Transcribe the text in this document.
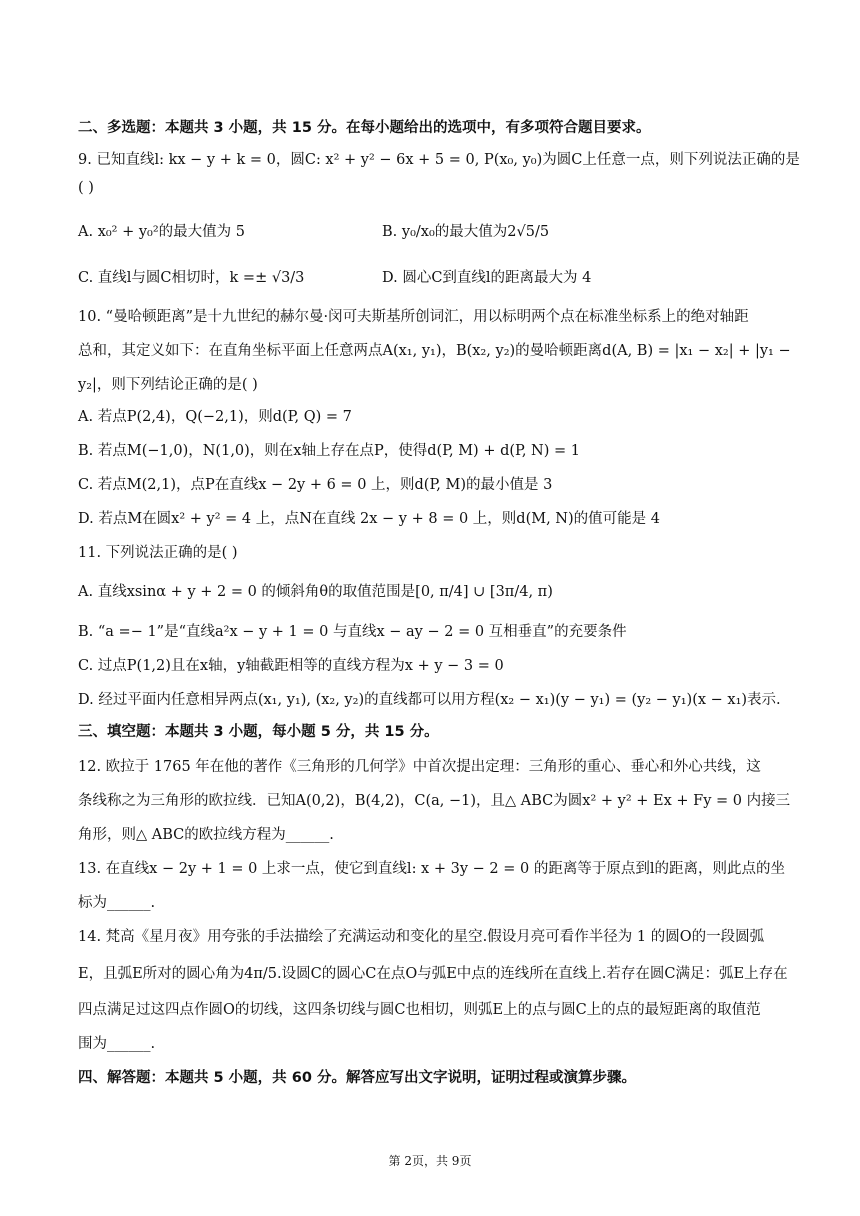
二、多选题：本题共 3 小题，共 15 分。在每小题给出的选项中，有多项符合题目要求。
9. 已知直线l: kx − y + k = 0，圆C: x² + y² − 6x + 5 = 0, P(x₀, y₀)为圆C上任意一点，则下列说法正确的是
( )
A. x₀² + y₀²的最大值为 5	B. y₀/x₀的最大值为2√5/5
C. 直线l与圆C相切时，k =± √3/3	D. 圆心C到直线l的距离最大为 4
10. “曼哈顿距离”是十九世纪的赫尔曼·闵可夫斯基所创词汇，用以标明两个点在标准坐标系上的绝对轴距
总和，其定义如下：在直角坐标平面上任意两点A(x₁, y₁)，B(x₂, y₂)的曼哈顿距离d(A, B) = |x₁ − x₂| + |y₁ −
y₂|，则下列结论正确的是( )
A. 若点P(2,4)，Q(−2,1)，则d(P, Q) = 7
B. 若点M(−1,0)，N(1,0)，则在x轴上存在点P，使得d(P, M) + d(P, N) = 1
C. 若点M(2,1)，点P在直线x − 2y + 6 = 0 上，则d(P, M)的最小值是 3
D. 若点M在圆x² + y² = 4 上，点N在直线 2x − y + 8 = 0 上，则d(M, N)的值可能是 4
11. 下列说法正确的是( )
A. 直线xsinα + y + 2 = 0 的倾斜角θ的取值范围是[0, π/4] ∪ [3π/4, π)
B. “a =− 1”是“直线a²x − y + 1 = 0 与直线x − ay − 2 = 0 互相垂直”的充要条件
C. 过点P(1,2)且在x轴，y轴截距相等的直线方程为x + y − 3 = 0
D. 经过平面内任意相异两点(x₁, y₁), (x₂, y₂)的直线都可以用方程(x₂ − x₁)(y − y₁) = (y₂ − y₁)(x − x₁)表示.
三、填空题：本题共 3 小题，每小题 5 分，共 15 分。
12. 欧拉于 1765 年在他的著作《三角形的几何学》中首次提出定理：三角形的重心、垂心和外心共线，这
条线称之为三角形的欧拉线．已知A(0,2)，B(4,2)，C(a, −1)，且△ ABC为圆x² + y² + Ex + Fy = 0 内接三
角形，则△ ABC的欧拉线方程为______.
13. 在直线x − 2y + 1 = 0 上求一点，使它到直线l: x + 3y − 2 = 0 的距离等于原点到l的距离，则此点的坐
标为______.
14. 梵高《星月夜》用夸张的手法描绘了充满运动和变化的星空.假设月亮可看作半径为 1 的圆O的一段圆弧
E，且弧E所对的圆心角为4π/5.设圆C的圆心C在点O与弧E中点的连线所在直线上.若存在圆C满足：弧E上存在
四点满足过这四点作圆O的切线，这四条切线与圆C也相切，则弧E上的点与圆C上的点的最短距离的取值范
围为______.
四、解答题：本题共 5 小题，共 60 分。解答应写出文字说明，证明过程或演算步骤。
第 2页，共 9页
